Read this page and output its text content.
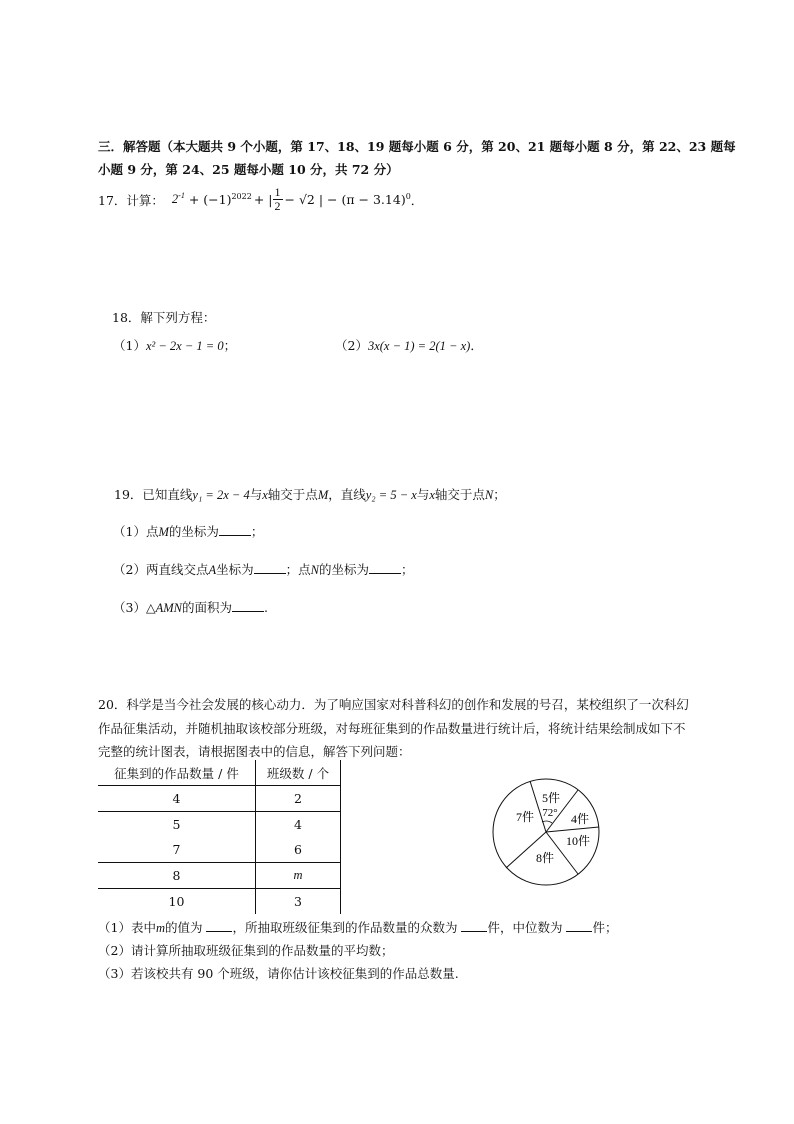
三．解答题（本大题共 9 个小题，第 17、18、19 题每小题 6 分，第 20、21 题每小题 8 分，第 22、23 题每
小题 9 分，第 24、25 题每小题 10 分，共 72 分）
17．计算： $2^{-1} + (-1)^{2022}$ + | $\frac{1}{2} - √2$ | − $(\pi - 3.14)^0$ ．
18．解下列方程：
（1）x² − 2x − 1 = 0；	（2）3x(x − 1) = 2(1 − x)．
19．已知直线y₁ = 2x − 4与x轴交于点M，直线y₂ = 5 − x与x轴交于点N；
（1）点M的坐标为	；
（2）两直线交点A坐标为	；点N的坐标为	；
（3）△AMN的面积为	.
20．科学是当今社会发展的核心动力．为了响应国家对科普科幻的创作和发展的号召，某校组织了一次科幻
作品征集活动，并随机抽取该校部分班级，对每班征集到的作品数量进行统计后，将统计结果绘制成如下不
完整的统计图表，请根据图表中的信息，解答下列问题：
征集到的作品数量 / 件	班级数 / 个
4	2
5	4
7	6
8	m
10	3
5件
72° 4件
10件
8件
7件
（1）表中m的值为 ，所抽取班级征集到的作品数量的众数为 件，中位数为 件；
（2）请计算所抽取班级征集到的作品数量的平均数；
（3）若该校共有 90 个班级，请你估计该校征集到的作品总数量.
